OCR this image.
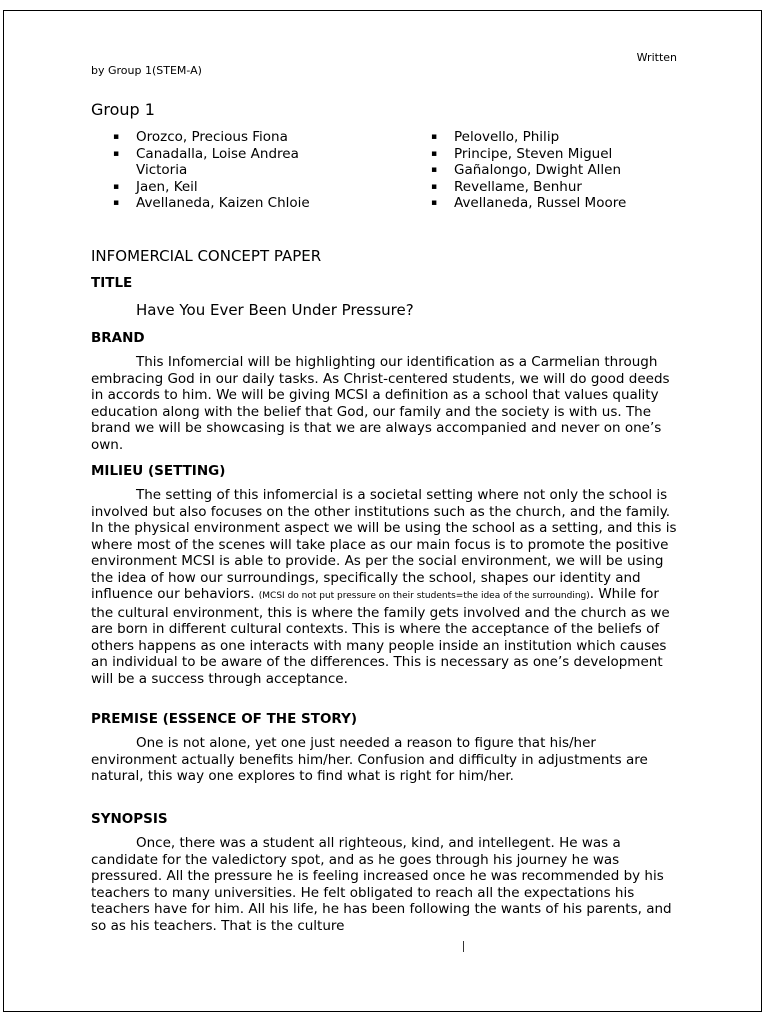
Written
by Group 1(STEM-A)
Group 1
▪ Orozco, Precious Fiona
▪ Canadalla, Loise Andrea Victoria
▪ Jaen, Keil
▪ Avellaneda, Kaizen Chloie
▪ Pelovello, Philip
▪ Principe, Steven Miguel
▪ Gañalongo, Dwight Allen
▪ Revellame, Benhur
▪ Avellaneda, Russel Moore
INFOMERCIAL CONCEPT PAPER
TITLE
Have You Ever Been Under Pressure?
BRAND

This Infomercial will be highlighting our identification as a Carmelian through embracing God in our daily tasks. As Christ-centered students, we will do good deeds in accords to him. We will be giving MCSI a definition as a school that values quality education along with the belief that God, our family and the society is with us. The brand we will be showcasing is that we are always accompanied and never on one’s own.

MILIEU (SETTING)

The setting of this infomercial is a societal setting where not only the school is involved but also focuses on the other institutions such as the church, and the family. In the physical environment aspect we will be using the school as a setting, and this is where most of the scenes will take place as our main focus is to promote the positive environment MCSI is able to provide. As per the social environment, we will be using the idea of how our surroundings, specifically the school, shapes our identity and influence our behaviors. (MCSI do not put pressure on their students=the idea of the surrounding). While for the cultural environment, this is where the family gets involved and the church as we are born in different cultural contexts. This is where the acceptance of the beliefs of others happens as one interacts with many people inside an institution which causes an individual to be aware of the differences. This is necessary as one’s development will be a success through acceptance.

PREMISE (ESSENCE OF THE STORY)

One is not alone, yet one just needed a reason to figure that his/her environment actually benefits him/her. Confusion and difficulty in adjustments are natural, this way one explores to find what is right for him/her.

SYNOPSIS

Once, there was a student all righteous, kind, and intellegent. He was a candidate for the valedictory spot, and as he goes through his journey he was pressured. All the pressure he is feeling increased once he was recommended by his teachers to many universities. He felt obligated to reach all the expectations his teachers have for him. All his life, he has been following the wants of his parents, and so as his teachers. That is the culture
